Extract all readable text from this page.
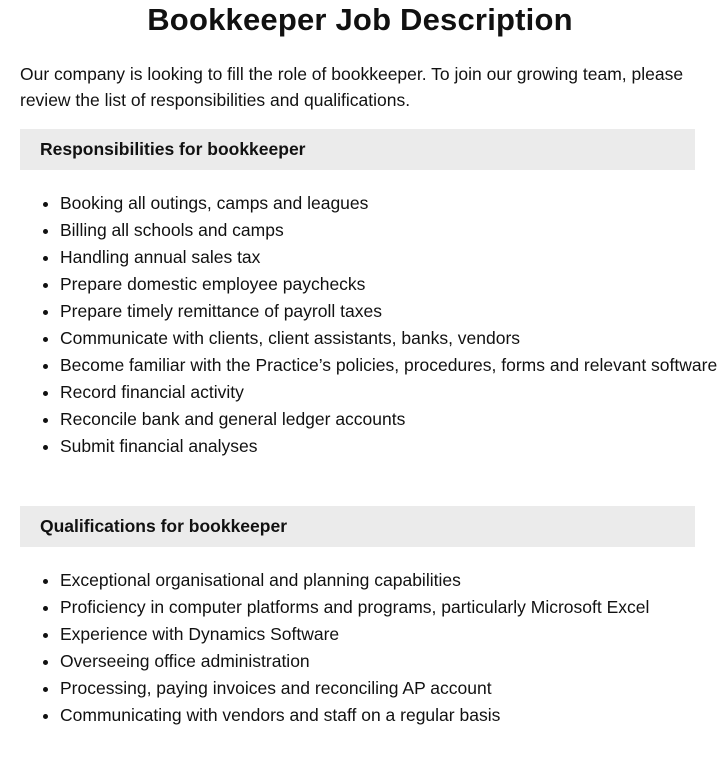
Bookkeeper Job Description

Our company is looking to fill the role of bookkeeper. To join our growing team, please review the list of responsibilities and qualifications.

Responsibilities for bookkeeper
• Booking all outings, camps and leagues
• Billing all schools and camps
• Handling annual sales tax
• Prepare domestic employee paychecks
• Prepare timely remittance of payroll taxes
• Communicate with clients, client assistants, banks, vendors
• Become familiar with the Practice’s policies, procedures, forms and relevant software
• Record financial activity
• Reconcile bank and general ledger accounts
• Submit financial analyses
Qualifications for bookkeeper
• Exceptional organisational and planning capabilities
• Proficiency in computer platforms and programs, particularly Microsoft Excel
• Experience with Dynamics Software
• Overseeing office administration
• Processing, paying invoices and reconciling AP account
• Communicating with vendors and staff on a regular basis
